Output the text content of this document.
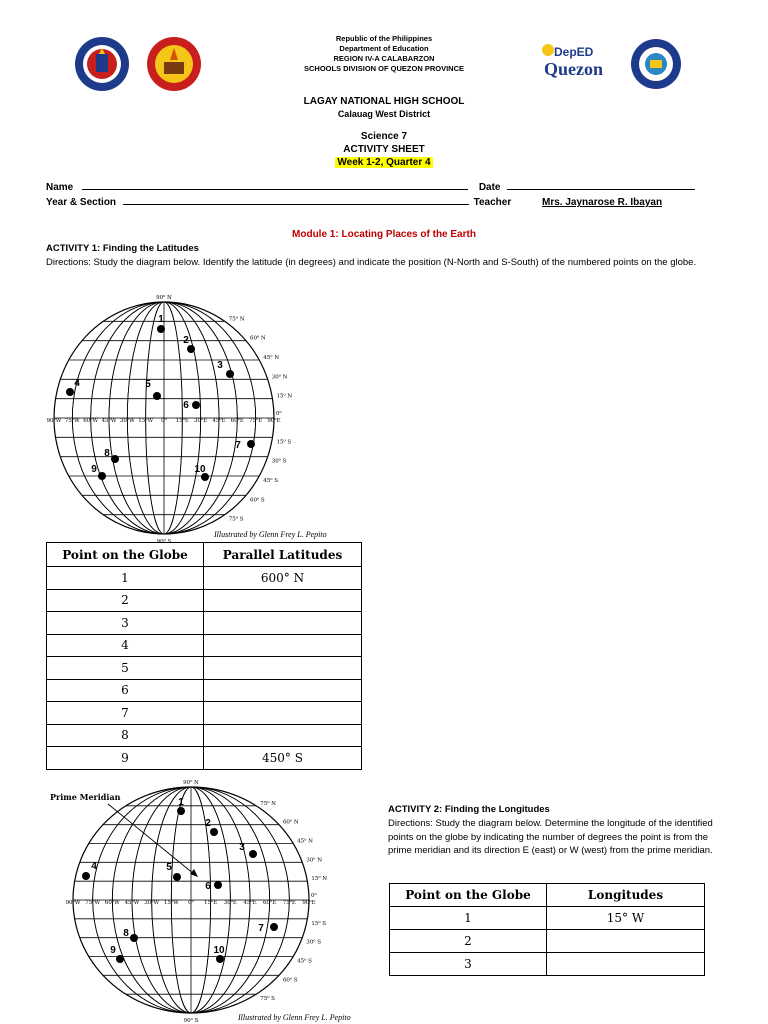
DepED
Quezon
Republic of the Philippines
Department of Education
REGION IV-A CALABARZON
SCHOOLS DIVISION OF QUEZON PROVINCE
LAGAY NATIONAL HIGH SCHOOL
Calauag West District
Science 7
ACTIVITY SHEET
Week 1-2, Quarter 4
Name	Date
Year & Section	Teacher	Mrs. Jaynarose R. Ibayan
Module 1: Locating Places of the Earth
ACTIVITY 1: Finding the Latitudes
Directions: Study the diagram below. Identify the latitude (in degrees) and indicate the position (N-North and S-South) of the numbered points on the globe.
90⁰ N
90⁰ S
75⁰ N
15⁰ S
60⁰ N
30⁰ S
45⁰ N
45⁰ S
30⁰ N
60⁰ S
15⁰ N
75⁰ S
0⁰
90⁰W 75⁰W 60⁰W 45⁰W 30⁰W 15⁰W 0⁰ 15⁰E 30⁰E 45⁰E 60⁰E 75⁰E 90⁰E
1
2
3
4	5
6
7
8
9	10
Illustrated by Glenn Frey L. Pepito
Point on the Globe	Parallel Latitudes
1	600° N
2	
3	
4	
5	
6	
7	
8	
9	450° S
90⁰ N
90⁰ S
75⁰ N
15⁰ S
60⁰ N
30⁰ S
45⁰ N
45⁰ S
30⁰ N
60⁰ S
15⁰ N
75⁰ S
0⁰
90⁰W 75⁰W 60⁰W 45⁰W 30⁰W 15⁰W 0⁰ 15⁰E 30⁰E 45⁰E 60⁰E 75⁰E 90⁰E
1
2
3
4	5
6
7
8
9	10
Prime Meridian
Illustrated by Glenn Frey L. Pepito
ACTIVITY 2: Finding the Longitudes
Directions: Study the diagram below. Determine the longitude of the identified points on the globe by indicating the number of degrees the point is from the prime meridian and its direction E (east) or W (west) from the prime meridian.
Point on the Globe	Longitudes
1	15° W
2	
3	
